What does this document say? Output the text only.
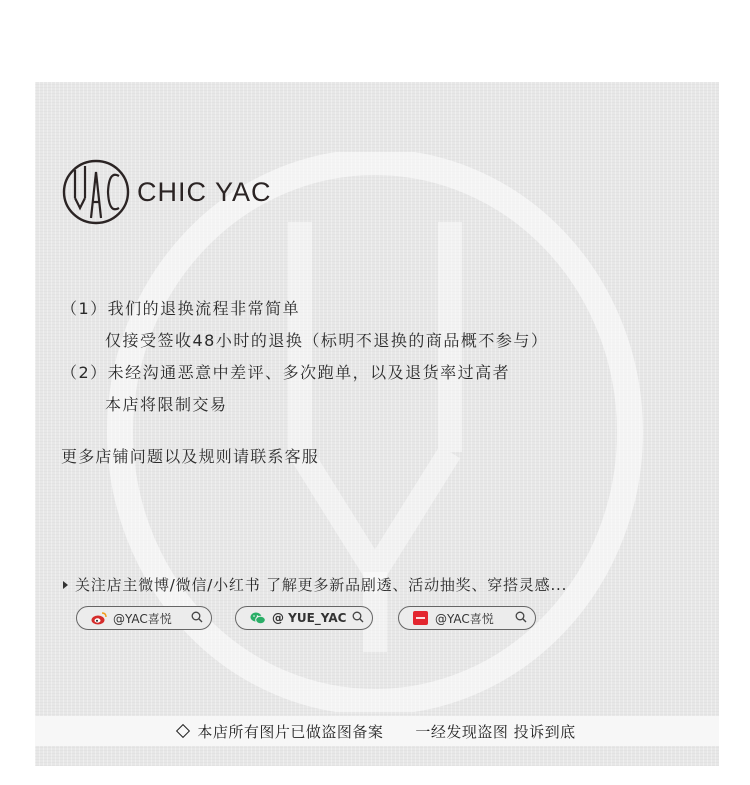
CHIC YAC
（1）我们的退换流程非常简单
仅接受签收48小时的退换（标明不退换的商品概不参与）
（2）未经沟通恶意中差评、多次跑单，以及退货率过高者
本店将限制交易
更多店铺问题以及规则请联系客服
关注店主微博/微信/小红书 了解更多新品剧透、活动抽奖、穿搭灵感...
@YAC喜悦	@ YUE_YAC	@YAC喜悦
本店所有图片已做盗图备案 一经发现盗图 投诉到底
